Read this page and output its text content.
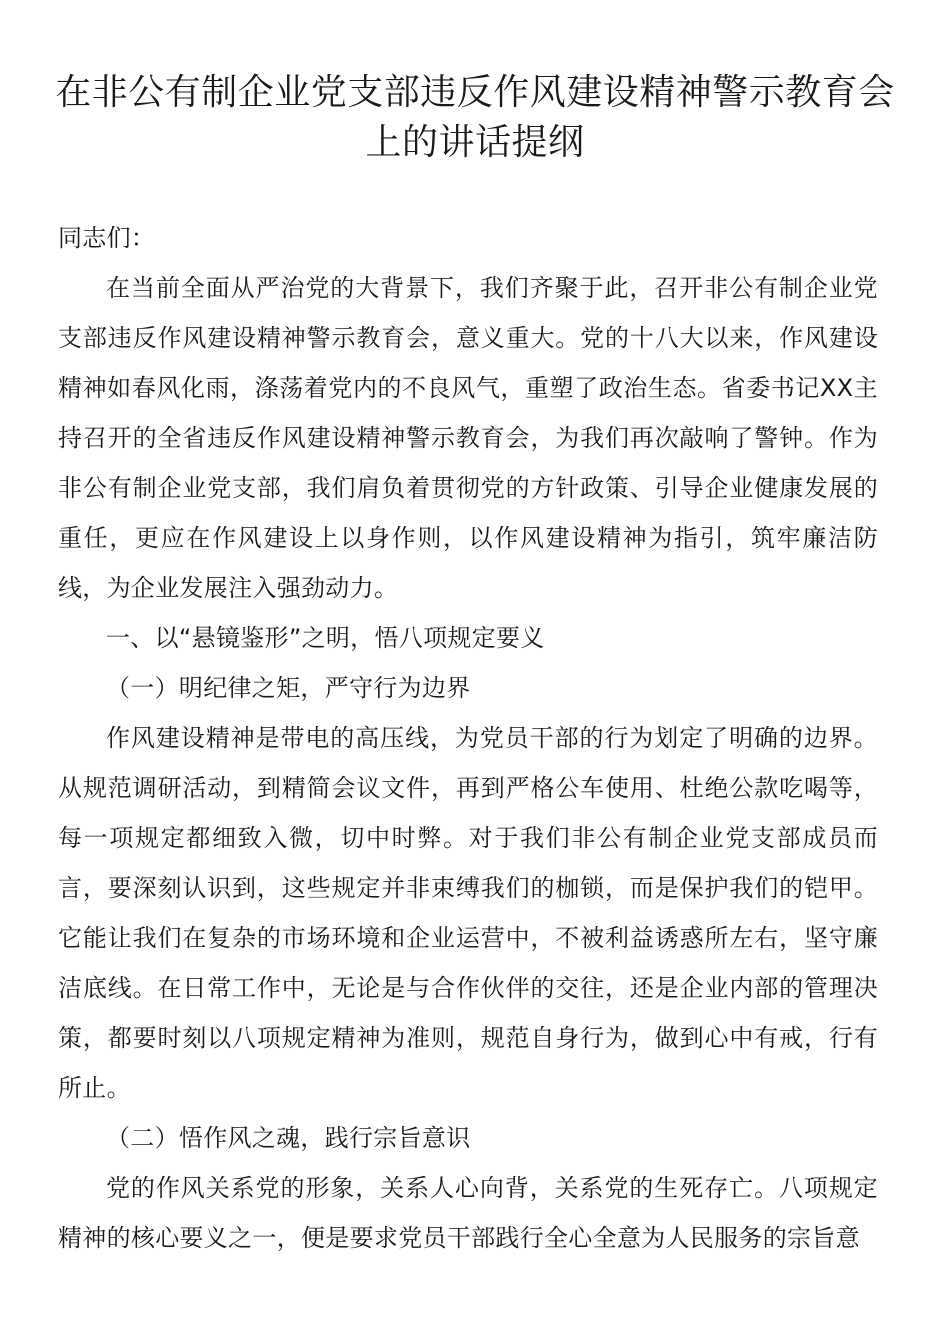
在非公有制企业党支部违反作风建设精神警示教育会上的讲话提纲

同志们：

在当前全面从严治党的大背景下，我们齐聚于此，召开非公有制企业党支部违反作风建设精神警示教育会，意义重大。党的十八大以来，作风建设精神如春风化雨，涤荡着党内的不良风气，重塑了政治生态。省委书记XX主持召开的全省违反作风建设精神警示教育会，为我们再次敲响了警钟。作为非公有制企业党支部，我们肩负着贯彻党的方针政策、引导企业健康发展的重任，更应在作风建设上以身作则，以作风建设精神为指引，筑牢廉洁防线，为企业发展注入强劲动力。

一、以“悬镜鉴形”之明，悟八项规定要义

（一）明纪律之矩，严守行为边界

作风建设精神是带电的高压线，为党员干部的行为划定了明确的边界。从规范调研活动，到精简会议文件，再到严格公车使用、杜绝公款吃喝等，每一项规定都细致入微，切中时弊。对于我们非公有制企业党支部成员而言，要深刻认识到，这些规定并非束缚我们的枷锁，而是保护我们的铠甲。它能让我们在复杂的市场环境和企业运营中，不被利益诱惑所左右，坚守廉洁底线。在日常工作中，无论是与合作伙伴的交往，还是企业内部的管理决策，都要时刻以八项规定精神为准则，规范自身行为，做到心中有戒，行有所止。

（二）悟作风之魂，践行宗旨意识

党的作风关系党的形象，关系人心向背，关系党的生死存亡。八项规定精神的核心要义之一，便是要求党员干部践行全心全意为人民服务的宗旨意
